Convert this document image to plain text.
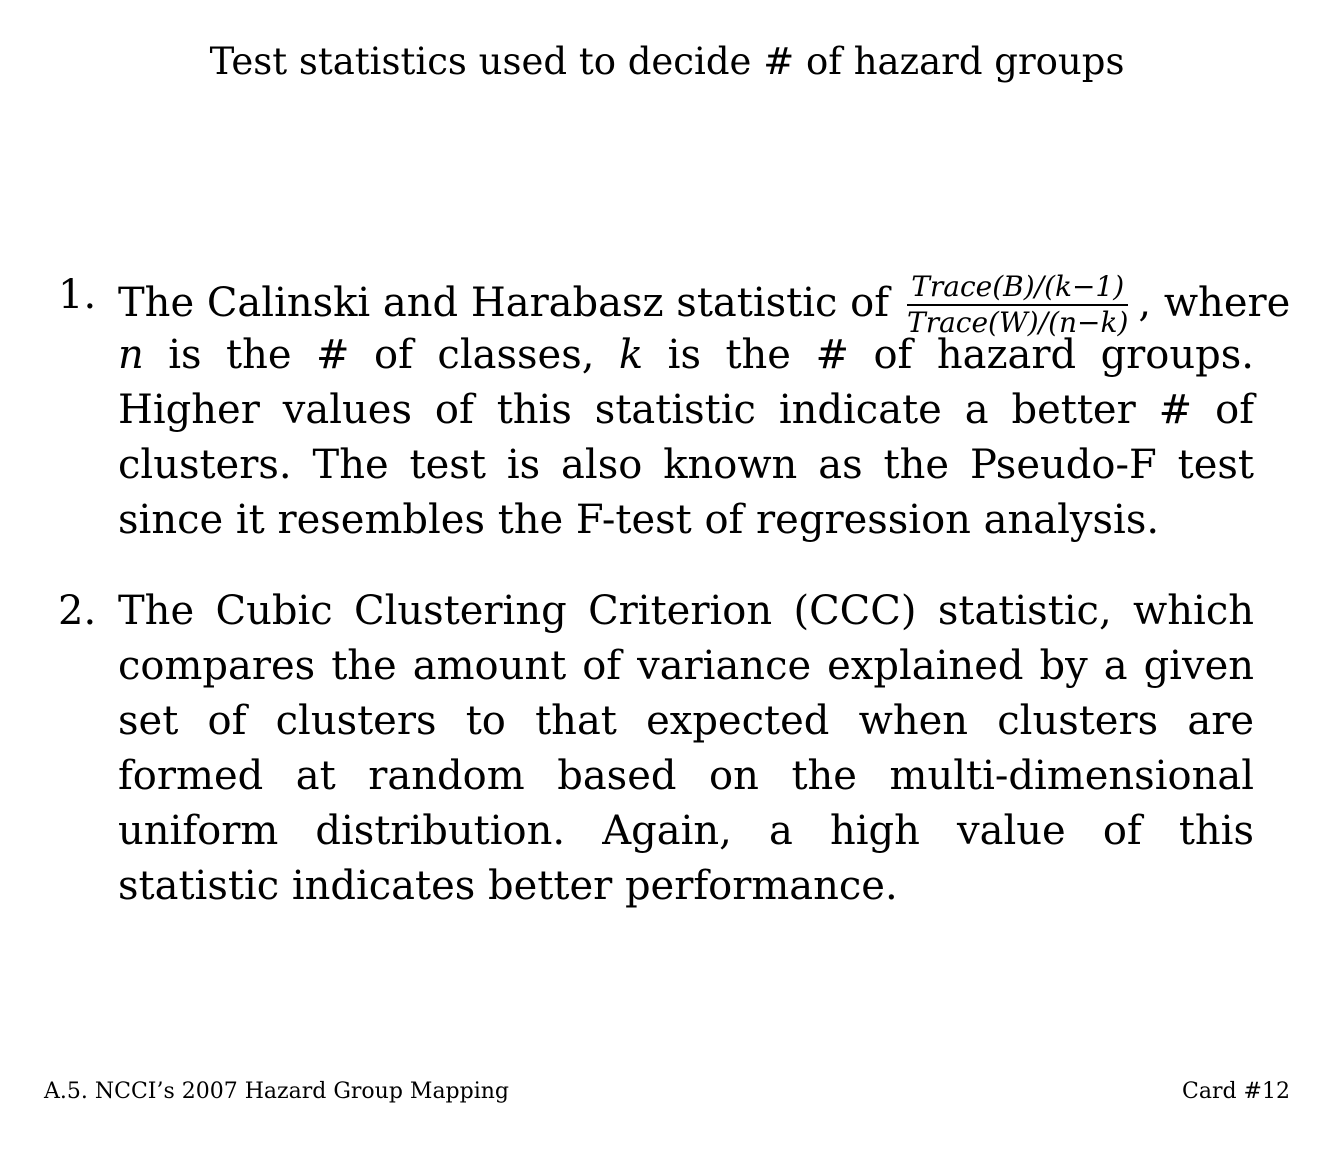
Test statistics used to decide # of hazard groups
1. The Calinski and Harabasz statistic of $\frac{\text{Trace(B)/(k−1)}}{\text{Trace(W)/(n−k)}}$ , where
n is the # of classes, k is the # of hazard groups. Higher values of this statistic indicate a better # of clusters. The test is also known as the Pseudo-F test since it resembles the F-test of regression analysis.
2. The Cubic Clustering Criterion (CCC) statistic, which compares the amount of variance explained by a given set of clusters to that expected when clusters are formed at random based on the multi-dimensional uniform distribution. Again, a high value of this statistic indicates better performance.
A.5. NCCI’s 2007 Hazard Group Mapping	Card #12
